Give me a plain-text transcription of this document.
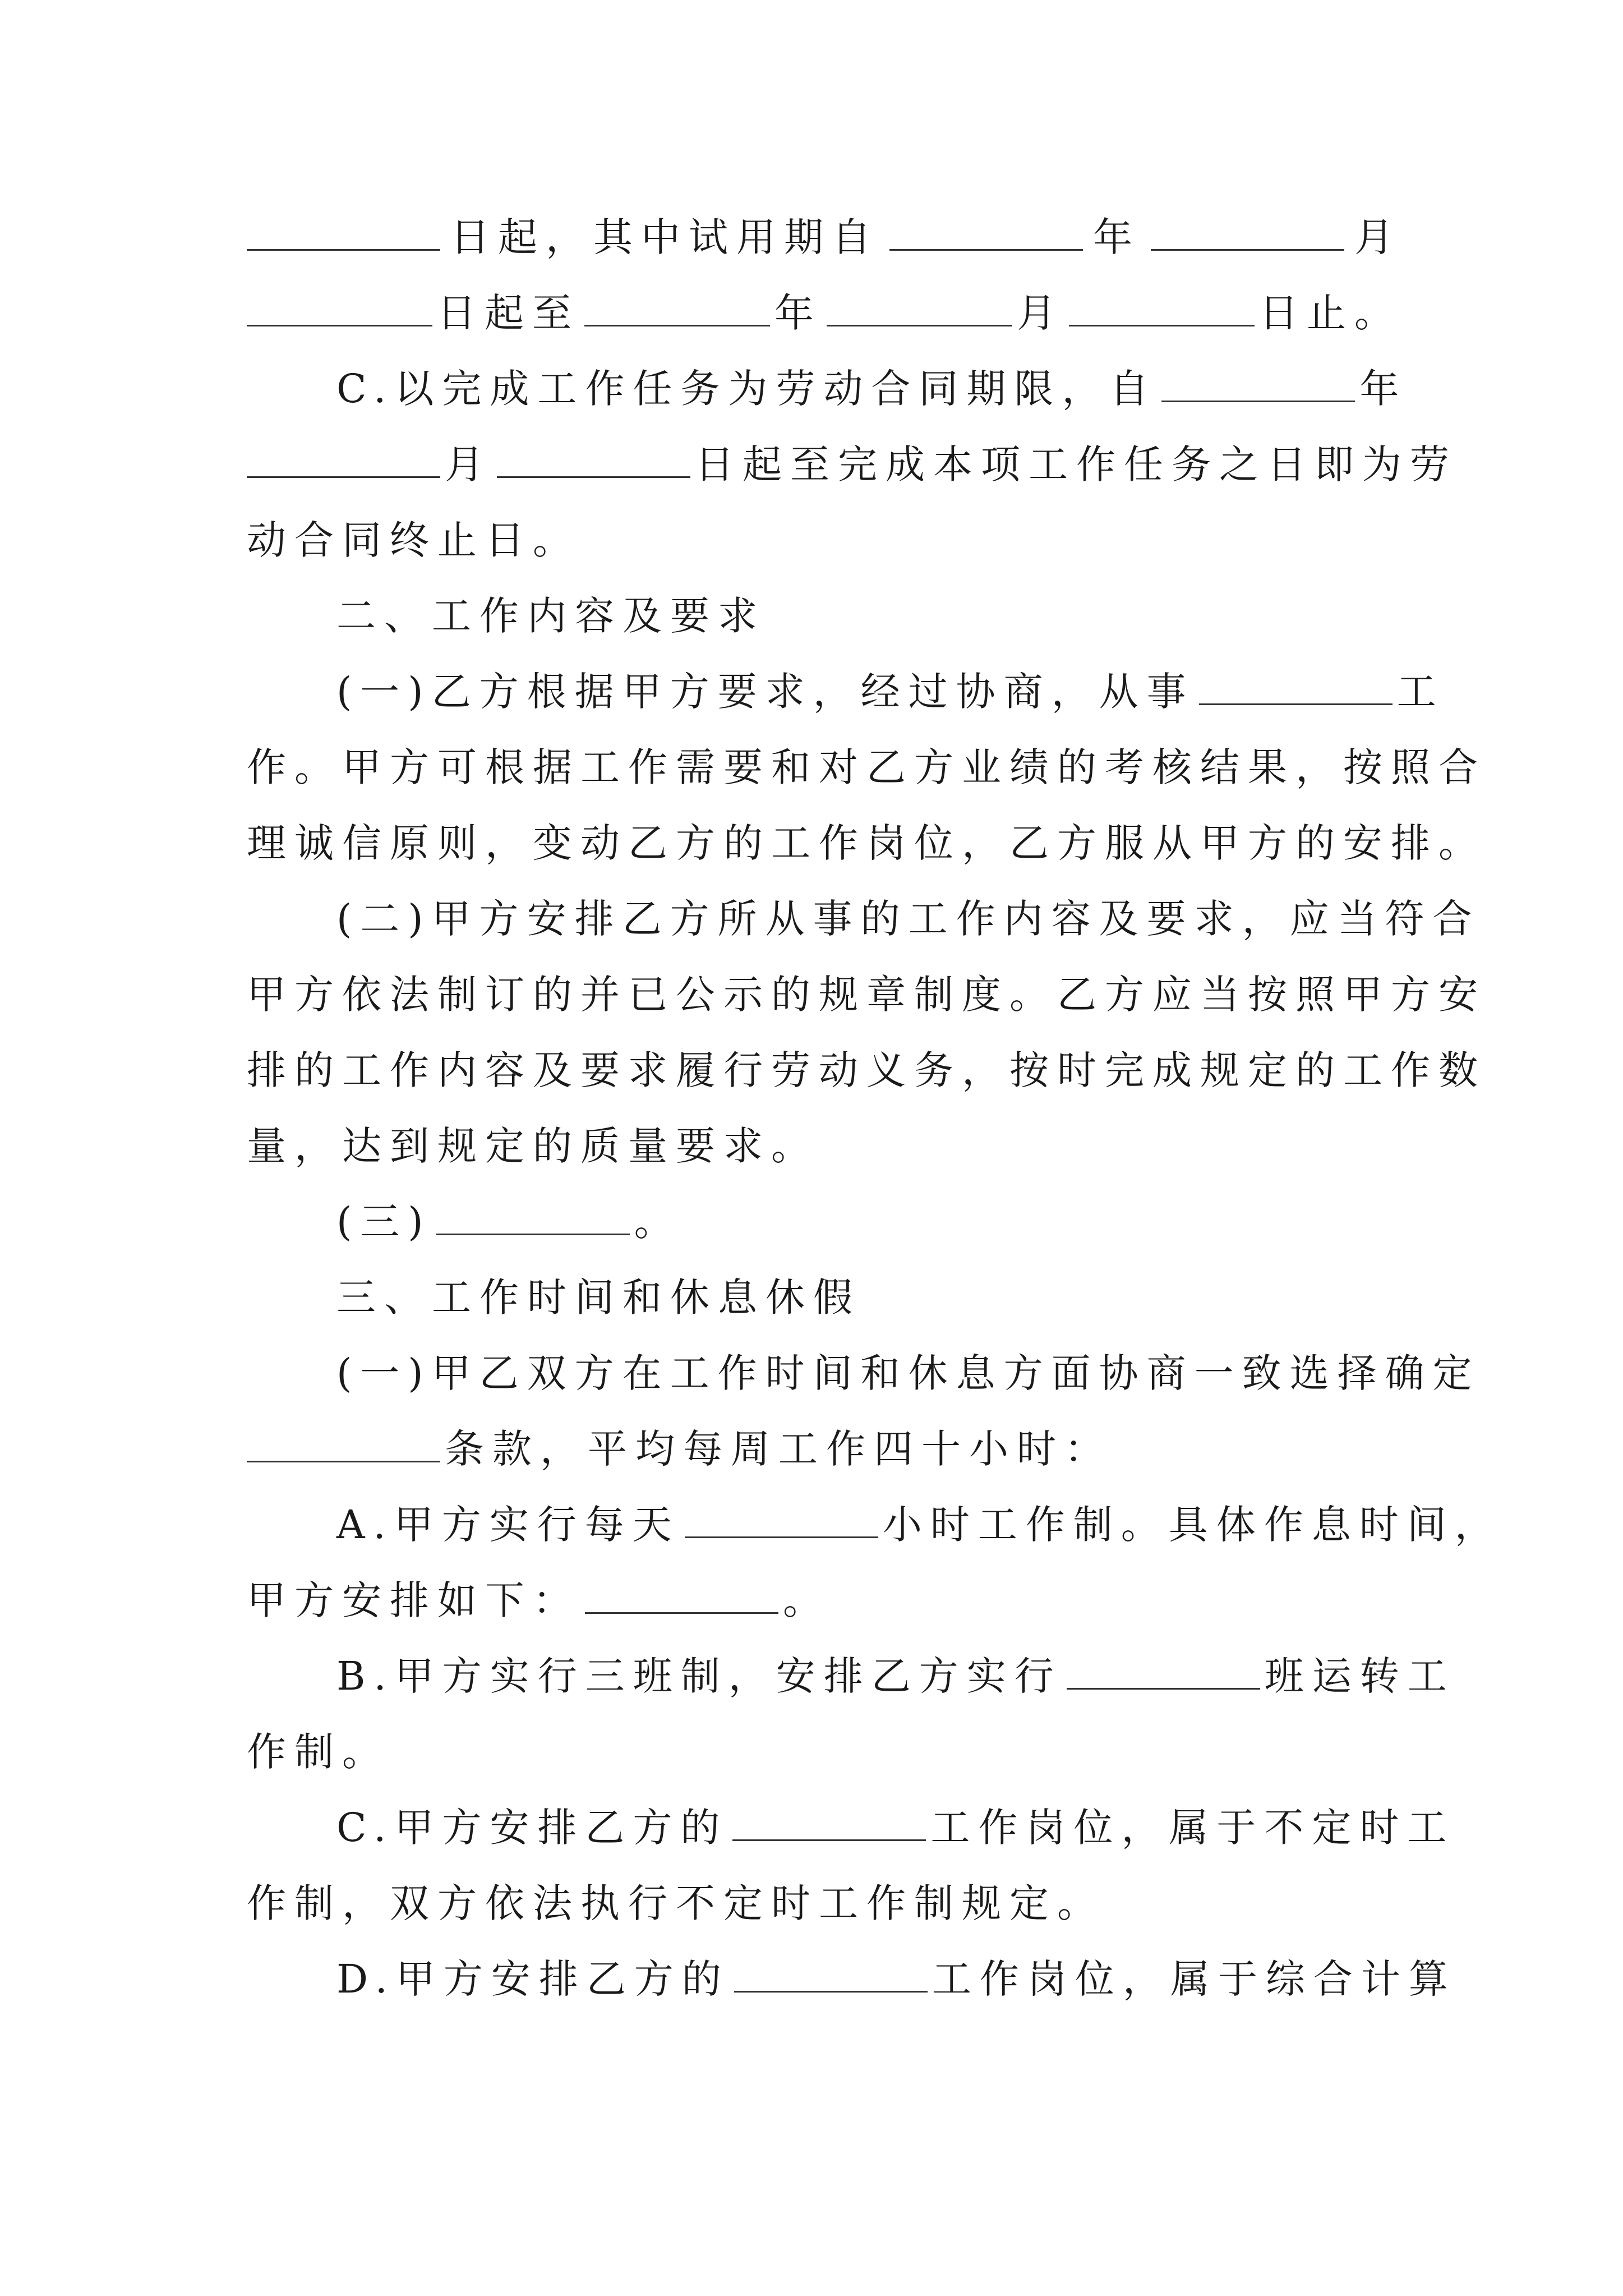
日起，其中试用期自	年	月
日起至	年	月	日止。
C.以完成工作任务为劳动合同期限，自	年
月	日起至完成本项工作任务之日即为劳
动合同终止日。
二、工作内容及要求
(一)乙方根据甲方要求，经过协商，从事	工
作。甲方可根据工作需要和对乙方业绩的考核结果，按照合
理诚信原则，变动乙方的工作岗位，乙方服从甲方的安排。
(二)甲方安排乙方所从事的工作内容及要求，应当符合
甲方依法制订的并已公示的规章制度。乙方应当按照甲方安
排的工作内容及要求履行劳动义务，按时完成规定的工作数
量，达到规定的质量要求。
(三)	。
三、工作时间和休息休假
(一)甲乙双方在工作时间和休息方面协商一致选择确定
条款，平均每周工作四十小时：
A.甲方实行每天	小时工作制。具体作息时间，
甲方安排如下：	。
B.甲方实行三班制，安排乙方实行	班运转工
作制。
C.甲方安排乙方的	工作岗位，属于不定时工
作制，双方依法执行不定时工作制规定。
D.甲方安排乙方的	工作岗位，属于综合计算
